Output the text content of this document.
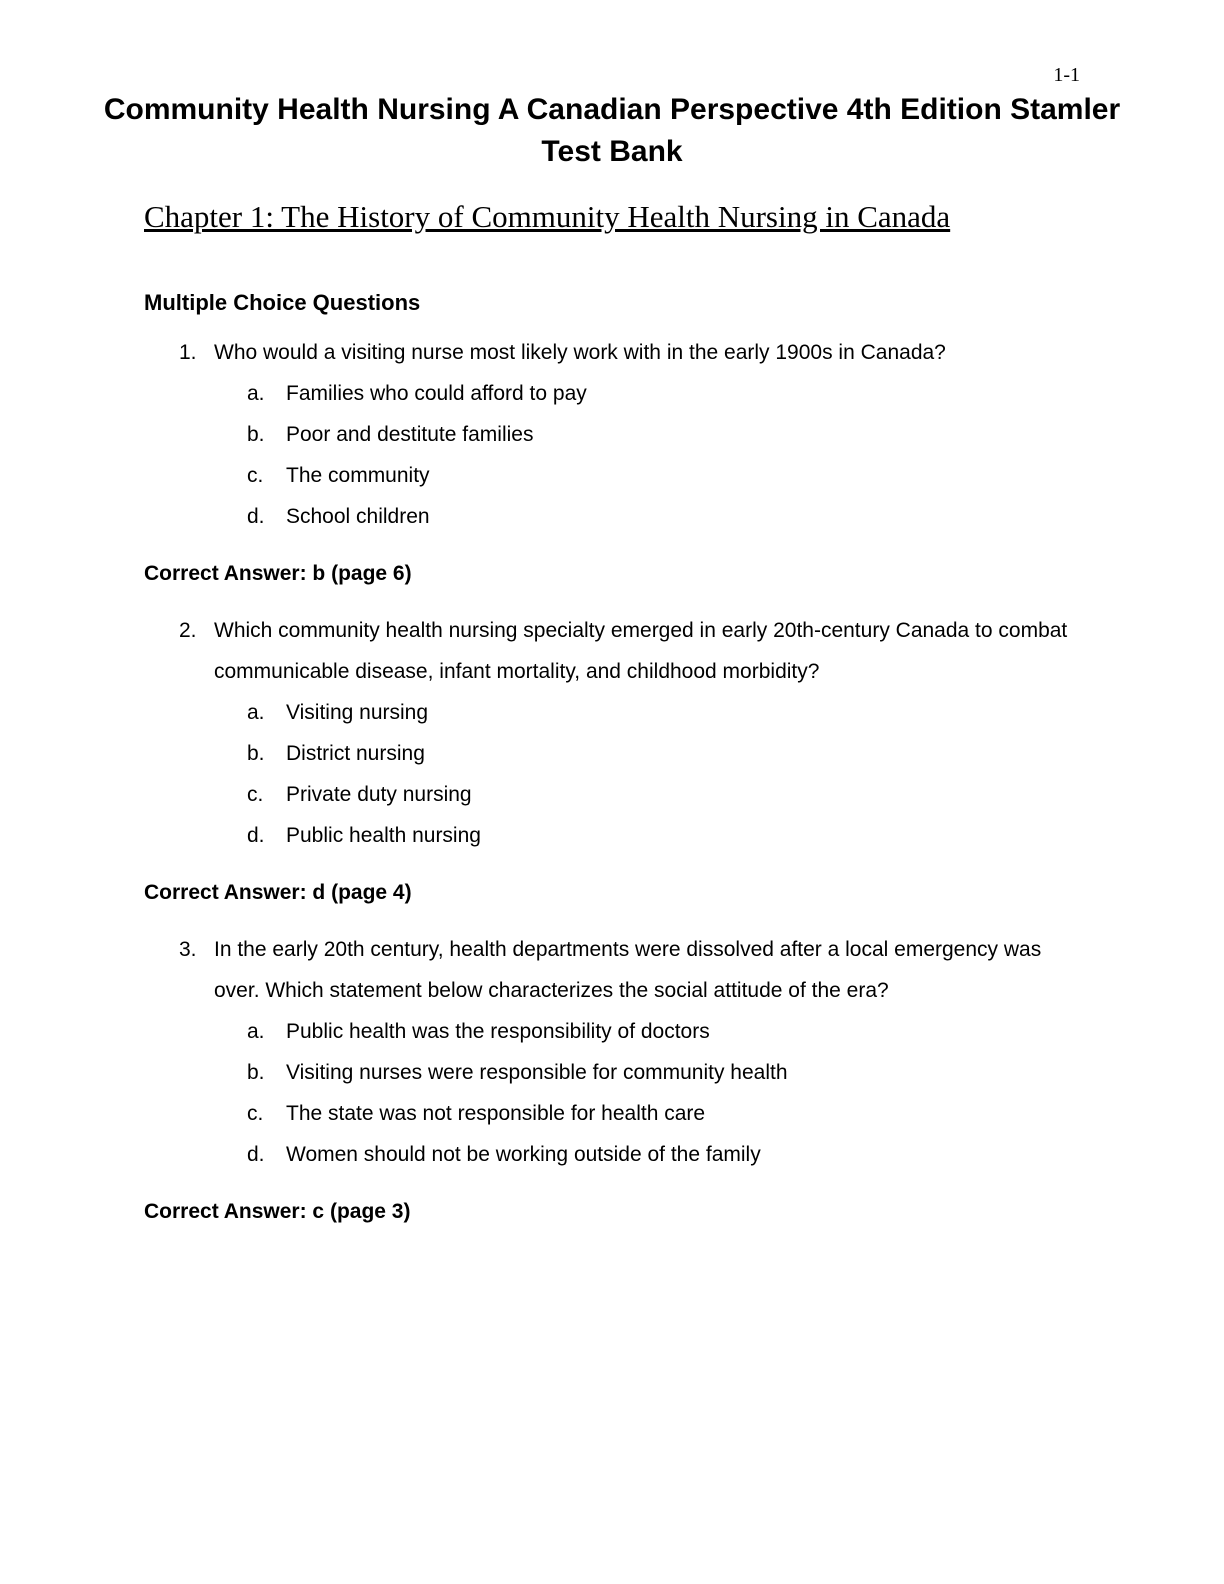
1-1
Community Health Nursing A Canadian Perspective 4th Edition Stamler
Test Bank
Chapter 1: The History of Community Health Nursing in Canada
Multiple Choice Questions
1. Who would a visiting nurse most likely work with in the early 1900s in Canada?
a.	Families who could afford to pay
b.	Poor and destitute families
c.	The community
d.	School children
Correct Answer: b (page 6)
2. Which community health nursing specialty emerged in early 20th-century Canada to combat communicable disease, infant mortality, and childhood morbidity?
a.	Visiting nursing
b.	District nursing
c.	Private duty nursing
d.	Public health nursing
Correct Answer: d (page 4)
3. In the early 20th century, health departments were dissolved after a local emergency was over. Which statement below characterizes the social attitude of the era?
a.	Public health was the responsibility of doctors
b.	Visiting nurses were responsible for community health
c.	The state was not responsible for health care
d.	Women should not be working outside of the family
Correct Answer: c (page 3)
